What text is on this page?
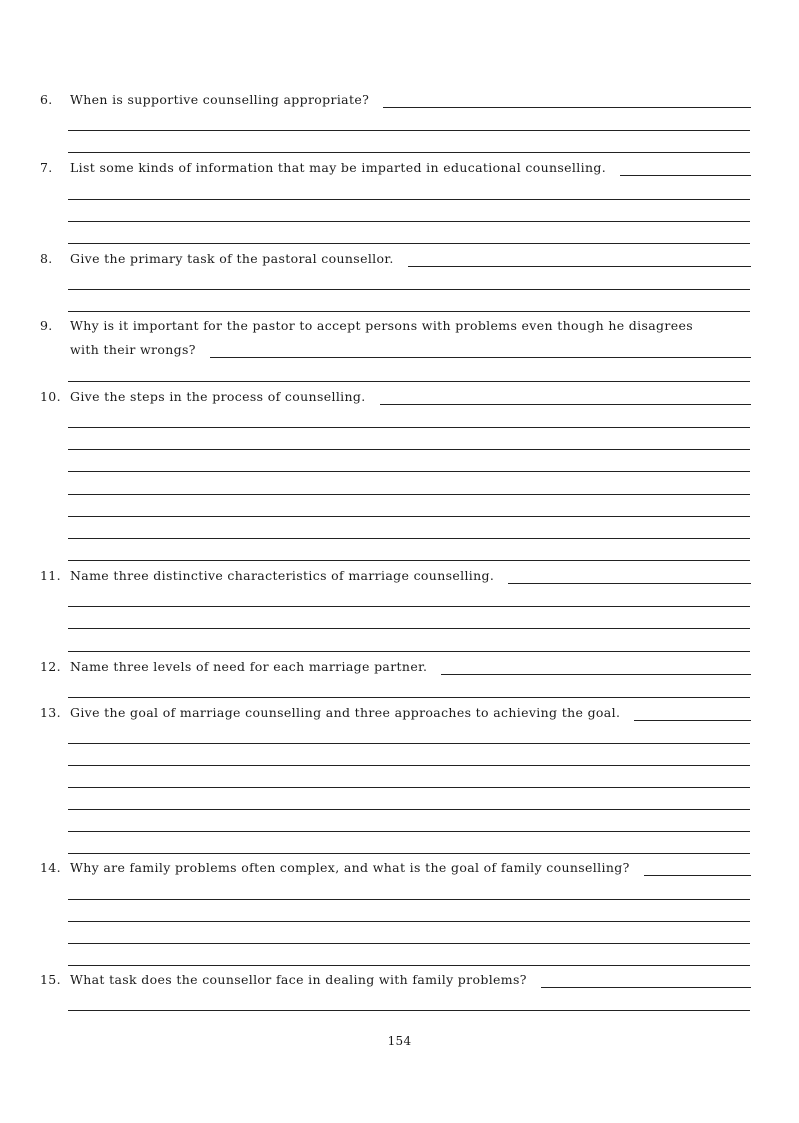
6.	When is supportive counselling appropriate?
7.	List some kinds of information that may be imparted in educational counselling.
8.	Give the primary task of the pastoral counsellor.
9.	Why is it important for the pastor to accept persons with problems even though he disagrees
with their wrongs?
10. Give the steps in the process of counselling.
11. Name three distinctive characteristics of marriage counselling.
12. Name three levels of need for each marriage partner.
13. Give the goal of marriage counselling and three approaches to achieving the goal.
14. Why are family problems often complex, and what is the goal of family counselling?
15. What task does the counsellor face in dealing with family problems?
154
